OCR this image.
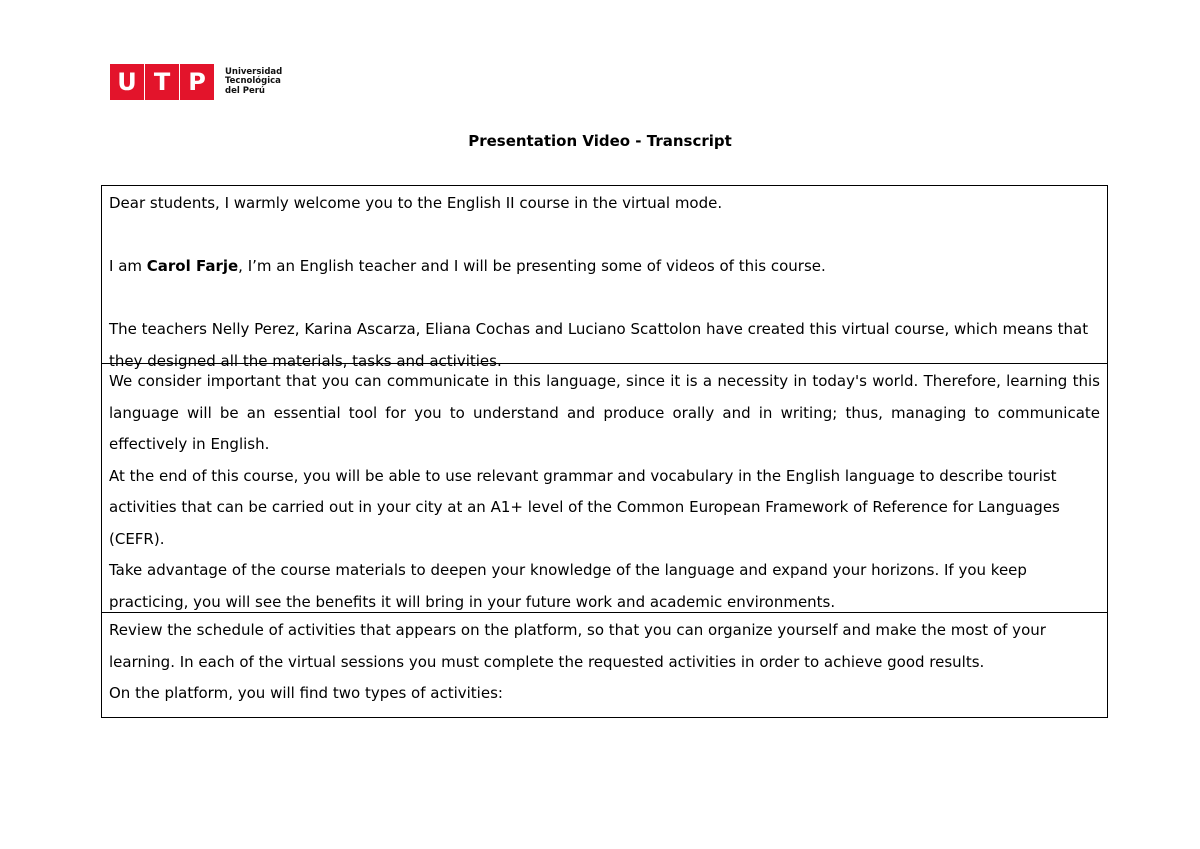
U T P	Universidad
Tecnológica
del Perú
Presentation Video - Transcript

Dear students, I warmly welcome you to the English II course in the virtual mode.

I am Carol Farje, I’m an English teacher and I will be presenting some of videos of this course.

The teachers Nelly Perez, Karina Ascarza, Eliana Cochas and Luciano Scattolon have created this virtual course, which means that they designed all the materials, tasks and activities.

We consider important that you can communicate in this language, since it is a necessity in today's world. Therefore, learning this language will be an essential tool for you to understand and produce orally and in writing; thus, managing to communicate effectively in English.

At the end of this course, you will be able to use relevant grammar and vocabulary in the English language to describe tourist activities that can be carried out in your city at an A1+ level of the Common European Framework of Reference for Languages (CEFR).

Take advantage of the course materials to deepen your knowledge of the language and expand your horizons. If you keep practicing, you will see the benefits it will bring in your future work and academic environments.

Review the schedule of activities that appears on the platform, so that you can organize yourself and make the most of your learning. In each of the virtual sessions you must complete the requested activities in order to achieve good results.

On the platform, you will find two types of activities:
